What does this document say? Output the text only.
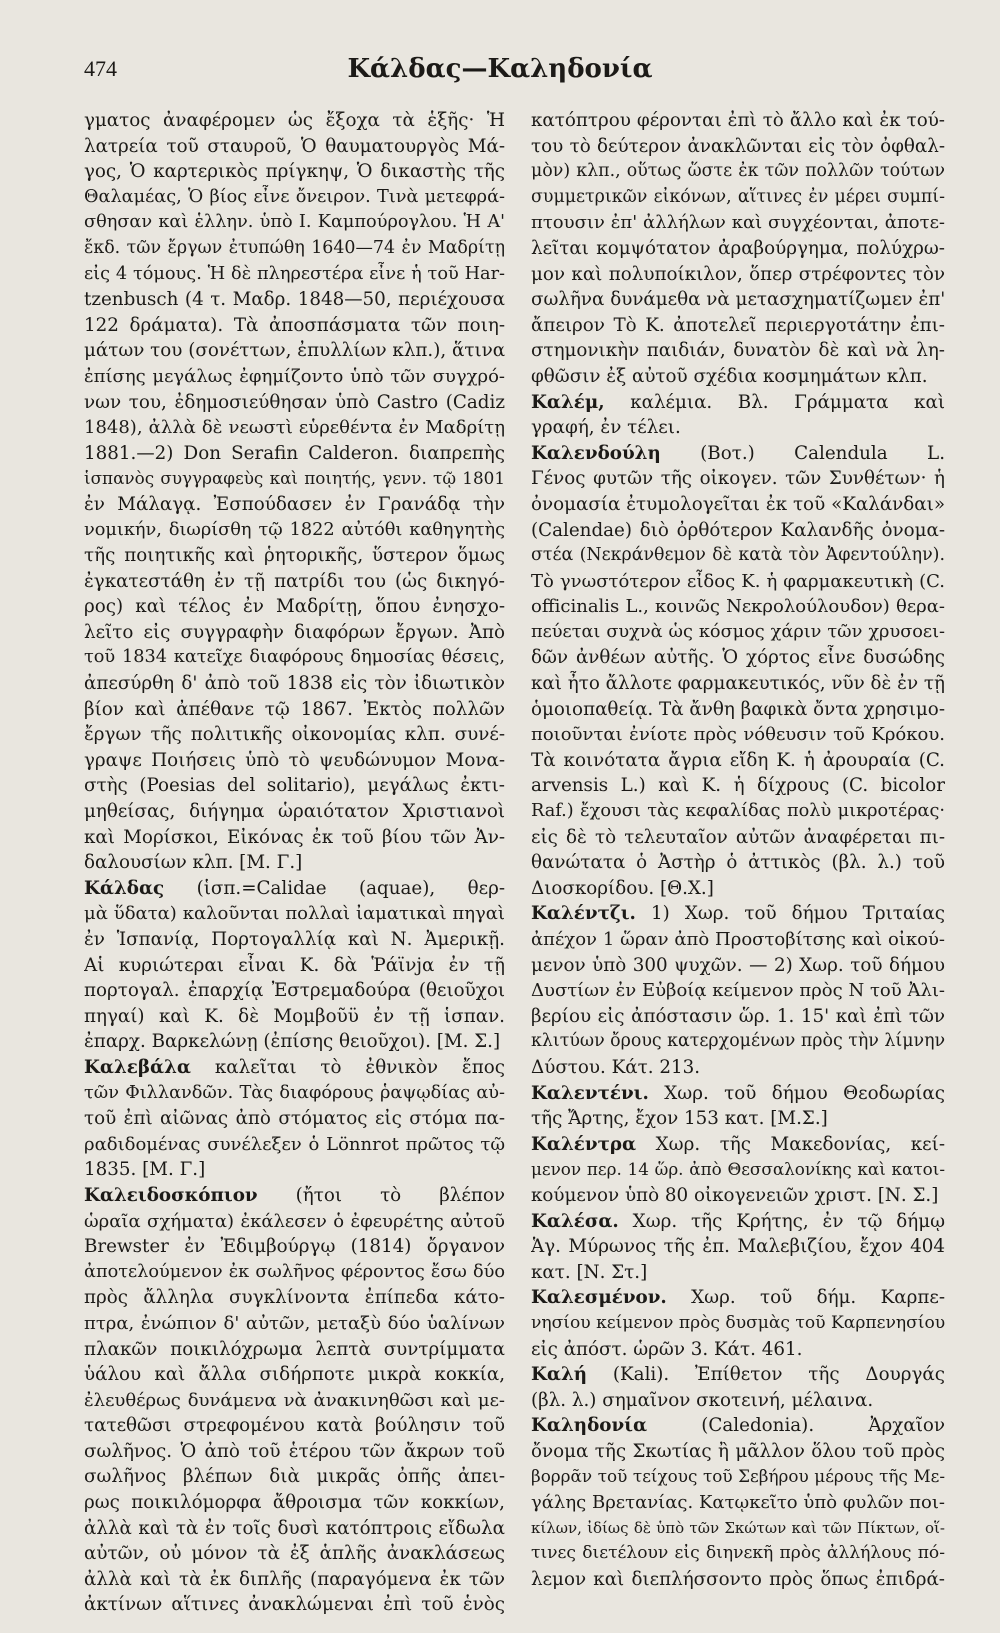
474	Κάλδας—Καληδονία
γματος ἀναφέρομεν ὡς ἔξοχα τὰ ἑξῆς· Ἡ
λατρεία τοῦ σταυροῦ, Ὁ θαυματουργὸς Μά-
γος, Ὁ καρτερικὸς πρίγκηψ, Ὁ δικαστὴς τῆς
Θαλαμέας, Ὁ βίος εἶνε ὄνειρον. Τινὰ μετεφρά-
σθησαν καὶ ἑλλην. ὑπὸ Ι. Καμπούρογλου. Ἡ Α'
ἔκδ. τῶν ἔργων ἐτυπώθη 1640—74 ἐν Μαδρίτῃ
εἰς 4 τόμους. Ἡ δὲ πληρεστέρα εἶνε ἡ τοῦ Har-
tzenbusch (4 τ. Μαδρ. 1848—50, περιέχουσα
122 δράματα). Τὰ ἀποσπάσματα τῶν ποιη-
μάτων του (σονέττων, ἐπυλλίων κλπ.), ἅτινα
ἐπίσης μεγάλως ἐφημίζοντο ὑπὸ τῶν συγχρό-
νων του, ἐδημοσιεύθησαν ὑπὸ Castro (Cadiz
1848), ἀλλὰ δὲ νεωστὶ εὑρεθέντα ἐν Μαδρίτῃ
1881.—2) Don Serafin Calderon. διαπρεπὴς
ἱσπανὸς συγγραφεὺς καὶ ποιητής, γενν. τῷ 1801
ἐν Μάλαγᾳ. Ἐσπούδασεν ἐν Γρανάδᾳ τὴν
νομικήν, διωρίσθη τῷ 1822 αὐτόθι καθηγητὴς
τῆς ποιητικῆς καὶ ῥητορικῆς, ὕστερον ὅμως
ἐγκατεστάθη ἐν τῇ πατρίδι του (ὡς δικηγό-
ρος) καὶ τέλος ἐν Μαδρίτῃ, ὅπου ἐνησχο-
λεῖτο εἰς συγγραφὴν διαφόρων ἔργων. Ἀπὸ
τοῦ 1834 κατεῖχε διαφόρους δημοσίας θέσεις,
ἀπεσύρθη δ' ἀπὸ τοῦ 1838 εἰς τὸν ἰδιωτικὸν
βίον καὶ ἀπέθανε τῷ 1867. Ἐκτὸς πολλῶν
ἔργων τῆς πολιτικῆς οἰκονομίας κλπ. συνέ-
γραψε Ποιήσεις ὑπὸ τὸ ψευδώνυμον Μονα-
στὴς (Poesias del solitario), μεγάλως ἐκτι-
μηθείσας, διήγημα ὡραιότατον Χριστιανοὶ
καὶ Μορίσκοι, Εἰκόνας ἐκ τοῦ βίου τῶν Ἀν-
δαλουσίων κλπ. [Μ. Γ.]
Κάλδας (ἱσπ.=Calidae (aquae), θερ-
μὰ ὕδατα) καλοῦνται πολλαὶ ἰαματικαὶ πηγαὶ
ἐν Ἱσπανίᾳ, Πορτογαλλίᾳ καὶ Ν. Ἀμερικῇ.
Αἱ κυριώτεραι εἶναι Κ. δὰ Ῥάϊνjα ἐν τῇ
πορτογαλ. ἐπαρχίᾳ Ἐστρεμαδούρα (θειοῦχοι
πηγαί) καὶ Κ. δὲ Μομβοῦϋ ἐν τῇ ἱσπαν.
ἐπαρχ. Βαρκελώνῃ (ἐπίσης θειοῦχοι). [Μ. Σ.]
Καλεβάλα καλεῖται τὸ ἐθνικὸν ἔπος
τῶν Φιλλανδῶν. Τὰς διαφόρους ῥαψῳδίας αὐ-
τοῦ ἐπὶ αἰῶνας ἀπὸ στόματος εἰς στόμα πα-
ραδιδομένας συνέλεξεν ὁ Lönnrot πρῶτος τῷ
1835. [Μ. Γ.]
Καλειδοσκόπιον (ἤτοι τὸ βλέπον
ὡραῖα σχήματα) ἐκάλεσεν ὁ ἐφευρέτης αὐτοῦ
Brewster ἐν Ἐδιμβούργῳ (1814) ὄργανον
ἀποτελούμενον ἐκ σωλῆνος φέροντος ἔσω δύο
πρὸς ἄλληλα συγκλίνοντα ἐπίπεδα κάτο-
πτρα, ἐνώπιον δ' αὐτῶν, μεταξὺ δύο ὑαλίνων
πλακῶν ποικιλόχρωμα λεπτὰ συντρίμματα
ὑάλου καὶ ἄλλα σιδήρποτε μικρὰ κοκκία,
ἐλευθέρως δυνάμενα νὰ ἀνακινηθῶσι καὶ με-
τατεθῶσι στρεφομένου κατὰ βούλησιν τοῦ
σωλῆνος. Ὁ ἀπὸ τοῦ ἑτέρου τῶν ἄκρων τοῦ
σωλῆνος βλέπων διὰ μικρᾶς ὀπῆς ἀπει-
ρως ποικιλόμορφα ἄθροισμα τῶν κοκκίων,
ἀλλὰ καὶ τὰ ἐν τοῖς δυσὶ κατόπτροις εἴδωλα
αὐτῶν, οὐ μόνον τὰ ἐξ ἁπλῆς ἀνακλάσεως
ἀλλὰ καὶ τὰ ἐκ διπλῆς (παραγόμενα ἐκ τῶν
ἀκτίνων αἵτινες ἀνακλώμεναι ἐπὶ τοῦ ἑνὸς
κατόπτρου φέρονται ἐπὶ τὸ ἄλλο καὶ ἐκ τού-
του τὸ δεύτερον ἀνακλῶνται εἰς τὸν ὀφθαλ-
μὸν) κλπ., οὕτως ὥστε ἐκ τῶν πολλῶν τούτων
συμμετρικῶν εἰκόνων, αἵτινες ἐν μέρει συμπί-
πτουσιν ἐπ' ἀλλήλων καὶ συγχέονται, ἀποτε-
λεῖται κομψότατον ἀραβούργημα, πολύχρω-
μον καὶ πολυποίκιλον, ὅπερ στρέφοντες τὸν
σωλῆνα δυνάμεθα νὰ μετασχηματίζωμεν ἐπ'
ἄπειρον Τὸ Κ. ἀποτελεῖ περιεργοτάτην ἐπι-
στημονικὴν παιδιάν, δυνατὸν δὲ καὶ νὰ λη-
φθῶσιν ἐξ αὐτοῦ σχέδια κοσμημάτων κλπ.
Καλέμ, καλέμια. Βλ. Γράμματα καὶ
γραφή, ἐν τέλει.
Καλενδούλη (Βοτ.) Calendula L.
Γένος φυτῶν τῆς οἰκογεν. τῶν Συνθέτων· ἡ
ὀνομασία ἐτυμολογεῖται ἐκ τοῦ «Καλάνδαι»
(Calendae) διὸ ὀρθότερον Καλανδῆς ὀνομα-
στέα (Νεκράνθεμον δὲ κατὰ τὸν Ἀφεντούλην).
Τὸ γνωστότερον εἶδος Κ. ἡ φαρμακευτικὴ (C.
officinalis L., κοινῶς Νεκρολούλουδον) θερα-
πεύεται συχνὰ ὡς κόσμος χάριν τῶν χρυσοει-
δῶν ἀνθέων αὐτῆς. Ὁ χόρτος εἶνε δυσώδης
καὶ ἦτο ἄλλοτε φαρμακευτικός, νῦν δὲ ἐν τῇ
ὁμοιοπαθείᾳ. Τὰ ἄνθη βαφικὰ ὄντα χρησιμο-
ποιοῦνται ἐνίοτε πρὸς νόθευσιν τοῦ Κρόκου.
Τὰ κοινότατα ἄγρια εἴδη Κ. ἡ ἀρουραία (C.
arvensis L.) καὶ Κ. ἡ δίχρους (C. bicolor
Raf.) ἔχουσι τὰς κεφαλίδας πολὺ μικροτέρας·
εἰς δὲ τὸ τελευταῖον αὐτῶν ἀναφέρεται πι-
θανώτατα ὁ Ἀστὴρ ὁ ἀττικὸς (βλ. λ.) τοῦ
Διοσκορίδου. [Θ.Χ.]
Καλέντζι. 1) Χωρ. τοῦ δήμου Τριταίας
ἀπέχον 1 ὥραν ἀπὸ Προστοβίτσης καὶ οἰκού-
μενον ὑπὸ 300 ψυχῶν. — 2) Χωρ. τοῦ δήμου
Δυστίων ἐν Εὐβοίᾳ κείμενον πρὸς Ν τοῦ Ἀλι-
βερίου εἰς ἀπόστασιν ὥρ. 1. 15' καὶ ἐπὶ τῶν
κλιτύων ὄρους κατερχομένων πρὸς τὴν λίμνην
Δύστου. Κάτ. 213.
Καλεντένι. Χωρ. τοῦ δήμου Θεοδωρίας
τῆς Ἄρτης, ἔχον 153 κατ. [Μ.Σ.]
Καλέντρα Χωρ. τῆς Μακεδονίας, κεί-
μενον περ. 14 ὥρ. ἀπὸ Θεσσαλονίκης καὶ κατοι-
κούμενον ὑπὸ 80 οἰκογενειῶν χριστ. [Ν. Σ.]
Καλέσα. Χωρ. τῆς Κρήτης, ἐν τῷ δήμῳ
Ἁγ. Μύρωνος τῆς ἐπ. Μαλεβιζίου, ἔχον 404
κατ. [Ν. Στ.]
Καλεσμένον. Χωρ. τοῦ δήμ. Καρπε-
νησίου κείμενον πρὸς δυσμὰς τοῦ Καρπενησίου
εἰς ἀπόστ. ὡρῶν 3. Κάτ. 461.
Καλή (Kali). Ἐπίθετον τῆς Δουργάς
(βλ. λ.) σημαῖνον σκοτεινή, μέλαινα.
Καληδονία (Caledonia). Ἀρχαῖον
ὄνομα τῆς Σκωτίας ἢ μᾶλλον ὅλου τοῦ πρὸς
βορρᾶν τοῦ τείχους τοῦ Σεβήρου μέρους τῆς Με-
γάλης Βρετανίας. Κατῳκεῖτο ὑπὸ φυλῶν ποι-
κίλων, ἰδίως δὲ ὑπὸ τῶν Σκώτων καὶ τῶν Πίκτων, οἵ-
τινες διετέλουν εἰς διηνεκῆ πρὸς ἀλλήλους πό-
λεμον καὶ διεπλήσσοντο πρὸς ὅπως ἐπιδρά-
